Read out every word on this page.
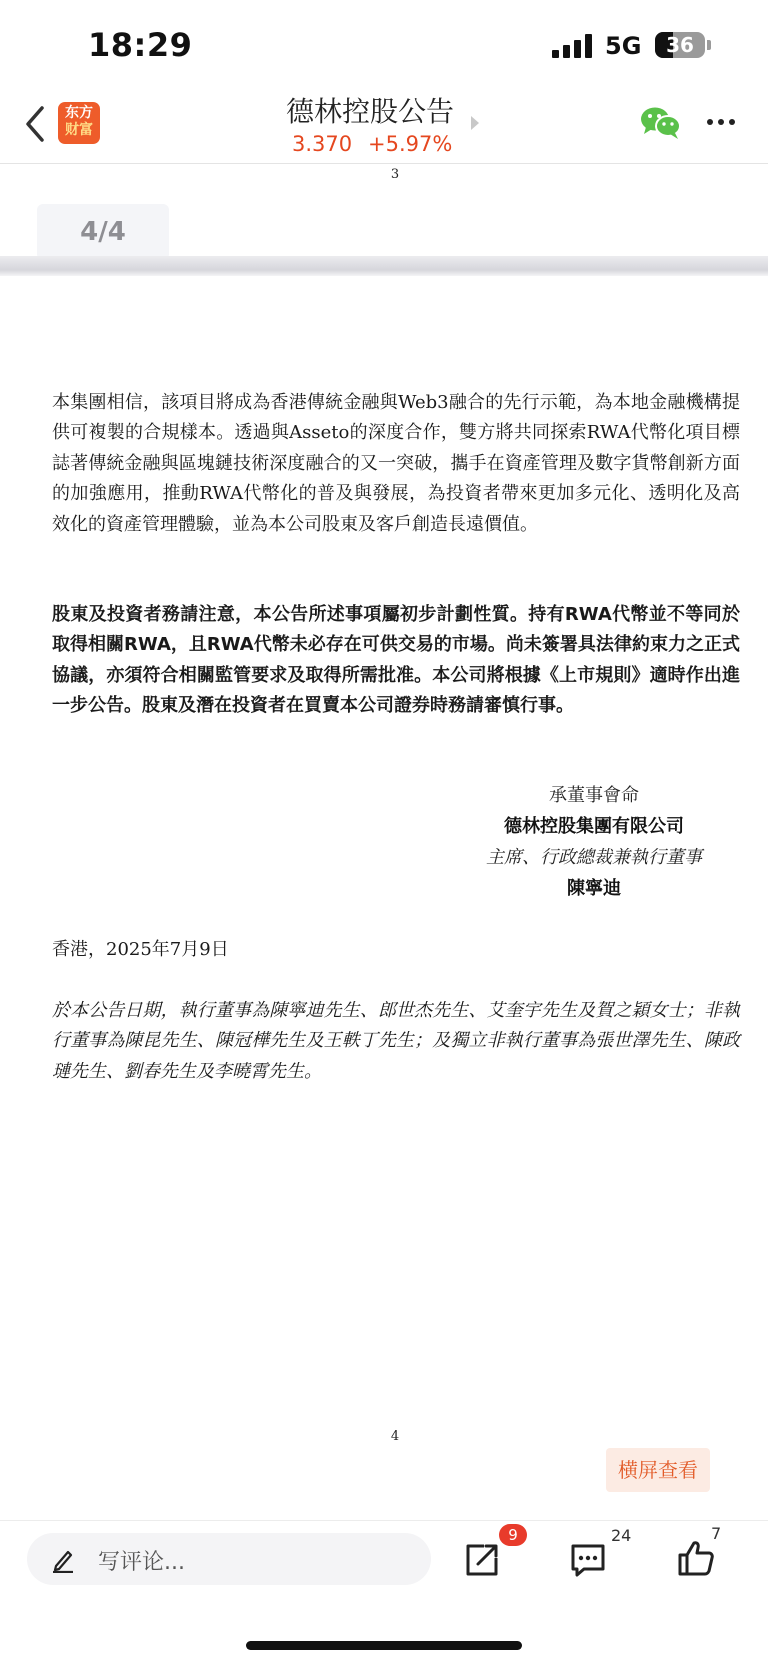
18:29	5G	36
东方
财富
德林控股公告
3.370 +5.97%
3
4/4
本集團相信，該項目將成為香港傳統金融與Web3融合的先行示範，為本地金融機構提供可複製的合規樣本。透過與Asseto的深度合作，雙方將共同探索RWA代幣化項目標誌著傳統金融與區塊鏈技術深度融合的又一突破，攜手在資產管理及數字貨幣創新方面的加強應用，推動RWA代幣化的普及與發展，為投資者帶來更加多元化、透明化及高效化的資產管理體驗，並為本公司股東及客戶創造長遠價值。
股東及投資者務請注意，本公告所述事項屬初步計劃性質。持有RWA代幣並不等同於取得相關RWA，且RWA代幣未必存在可供交易的市場。尚未簽署具法律約束力之正式協議，亦須符合相關監管要求及取得所需批准。本公司將根據《上市規則》適時作出進一步公告。股東及潛在投資者在買賣本公司證券時務請審慎行事。
承董事會命
德林控股集團有限公司
主席、行政總裁兼執行董事
陳寧迪
香港，2025年7月9日
於本公告日期，執行董事為陳寧迪先生、郎世杰先生、艾奎宇先生及賀之穎女士；非執行董事為陳昆先生、陳冠樺先生及王軼丁先生；及獨立非執行董事為張世澤先生、陳政璉先生、劉春先生及李曉霄先生。
4
横屏查看
写评论...
9	24	7
